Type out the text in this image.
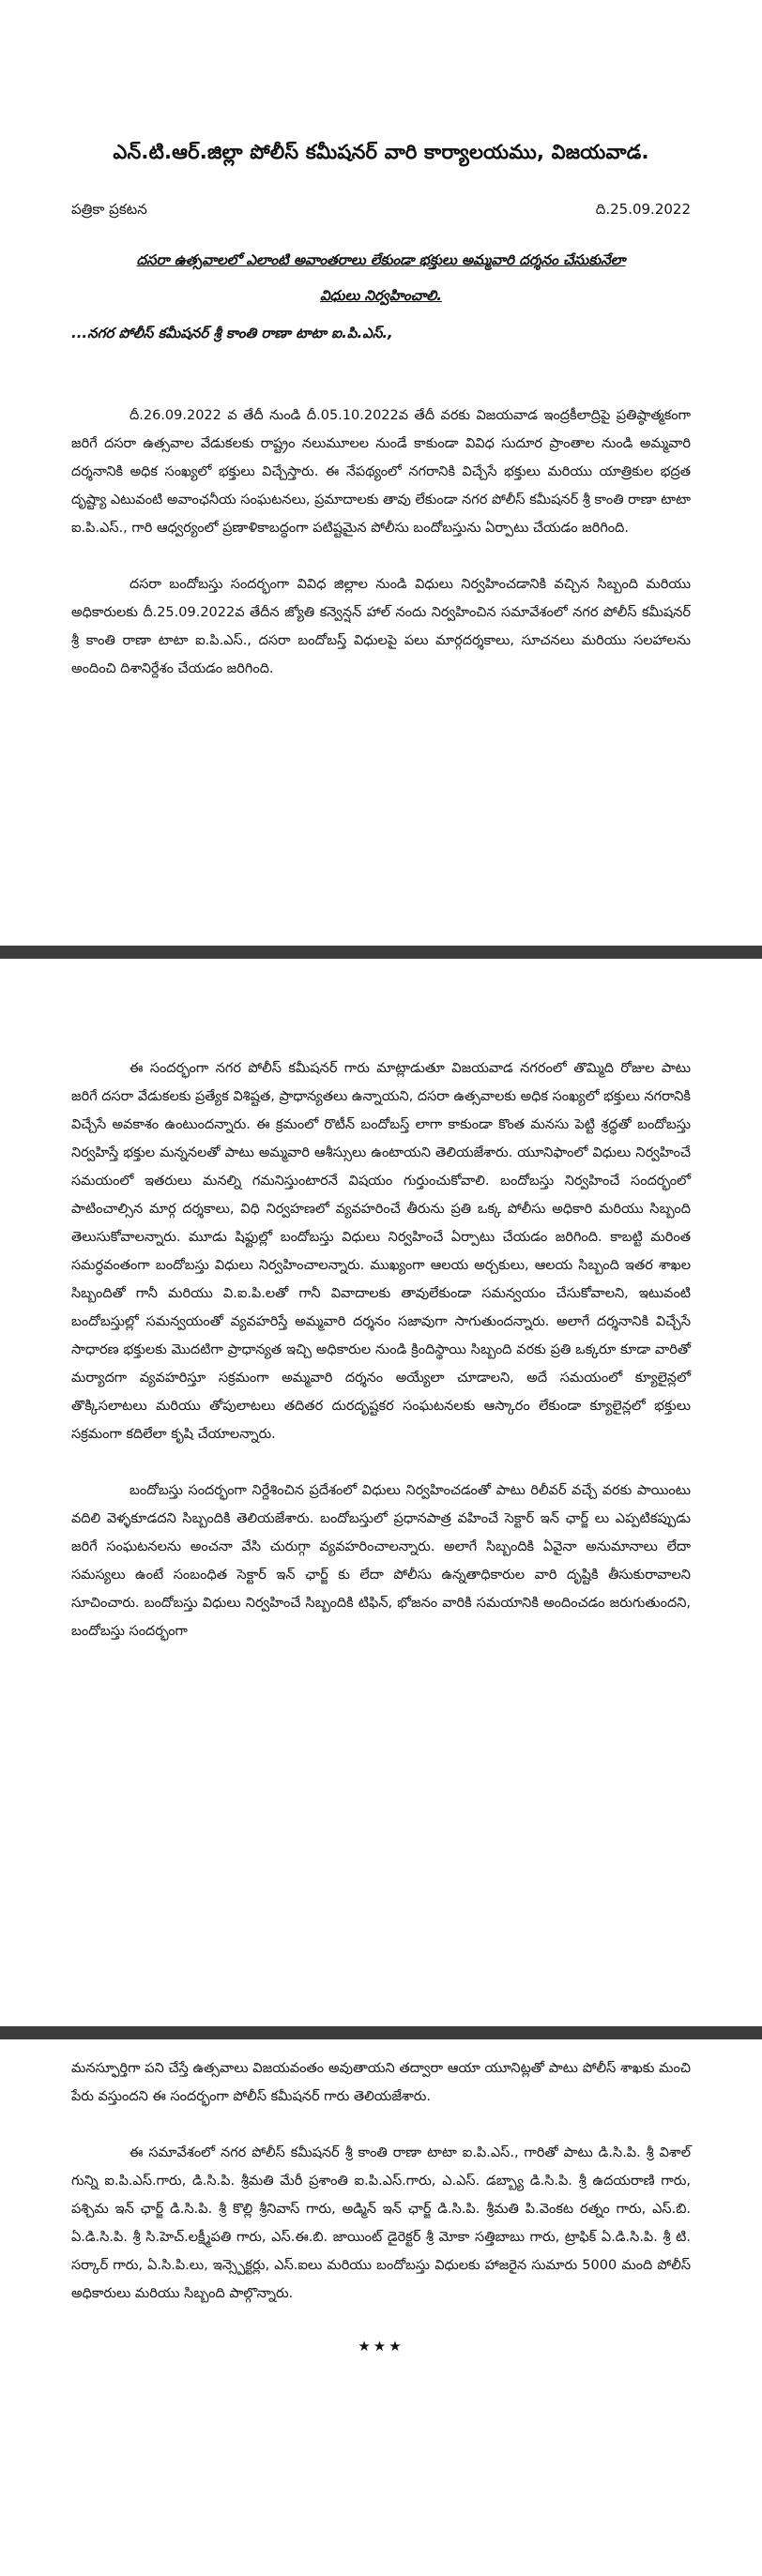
ఎన్.టి.ఆర్.జిల్లా పోలీస్ కమీషనర్ వారి కార్యాలయము, విజయవాడ.
పత్రికా ప్రకటన	ది.25.09.2022
దసరా ఉత్సవాలలో ఎలాంటి అవాంతరాలు లేకుండా భక్తులు అమ్మవారి దర్శనం చేసుకునేలా
విధులు నిర్వహించాలి.
...నగర పోలీస్ కమీషనర్ శ్రీ కాంతి రాణా టాటా ఐ.పి.ఎస్.,

దీ.26.09.2022 వ తేదీ నుండి దీ.05.10.2022వ తేదీ వరకు విజయవాడ ఇంద్రకీలాద్రిపై ప్రతిష్ఠాత్మకంగా జరిగే దసరా ఉత్సవాల వేడుకలకు రాష్ట్రం నలుమూలల నుండే కాకుండా వివిధ సుదూర ప్రాంతాల నుండి అమ్మవారి దర్శనానికి అధిక సంఖ్యలో భక్తులు విచ్చేస్తారు. ఈ నేపథ్యంలో నగరానికి విచ్చేసే భక్తులు మరియు యాత్రికుల భద్రత దృష్ట్యా ఎటువంటి అవాంఛనీయ సంఘటనలు, ప్రమాదాలకు తావు లేకుండా నగర పోలీస్ కమీషనర్ శ్రీ కాంతి రాణా టాటా ఐ.పి.ఎస్., గారి ఆధ్వర్యంలో ప్రణాళికాబద్ధంగా పటిష్టమైన పోలీసు బందోబస్తును ఏర్పాటు చేయడం జరిగింది.

దసరా బందోబస్తు సందర్భంగా వివిధ జిల్లాల నుండి విధులు నిర్వహించడానికి వచ్చిన సిబ్బంది మరియు అధికారులకు దీ.25.09.2022వ తేదీన జ్యోతి కన్వెన్షన్ హాల్ నందు నిర్వహించిన సమావేశంలో నగర పోలీస్ కమీషనర్ శ్రీ కాంతి రాణా టాటా ఐ.పి.ఎస్., దసరా బందోబస్త్ విధులపై పలు మార్గదర్శకాలు, సూచనలు మరియు సలహాలను అందించి దిశానిర్దేశం చేయడం జరిగింది.

ఈ సందర్భంగా నగర పోలీస్ కమీషనర్ గారు మాట్లాడుతూ విజయవాడ నగరంలో తొమ్మిది రోజుల పాటు జరిగే దసరా వేడుకలకు ప్రత్యేక విశిష్టత, ప్రాధాన్యతలు ఉన్నాయని, దసరా ఉత్సవాలకు అధిక సంఖ్యలో భక్తులు నగరానికి విచ్చేసే అవకాశం ఉంటుందన్నారు. ఈ క్రమంలో రొటీన్ బందోబస్త్ లాగా కాకుండా కొంత మనసు పెట్టి శ్రద్ధతో బందోబస్తు నిర్వహిస్తే భక్తుల మన్ననలతో పాటు అమ్మవారి ఆశీస్సులు ఉంటాయని తెలియజేశారు. యూనిఫాంలో విధులు నిర్వహించే సమయంలో ఇతరులు మనల్ని గమనిస్తుంటారనే విషయం గుర్తుంచుకోవాలి. బందోబస్తు నిర్వహించే సందర్భంలో పాటించాల్సిన మార్గ దర్శకాలు, విధి నిర్వహణలో వ్యవహరించే తీరును ప్రతి ఒక్క పోలీసు అధికారి మరియు సిబ్బంది తెలుసుకోవాలన్నారు. మూడు షిఫ్టుల్లో బందోబస్తు విధులు నిర్వహించే ఏర్పాటు చేయడం జరిగింది. కాబట్టి మరింత సమర్ధవంతంగా బందోబస్తు విధులు నిర్వహించాలన్నారు. ముఖ్యంగా ఆలయ అర్చకులు, ఆలయ సిబ్బంది ఇతర శాఖల సిబ్బందితో గానీ మరియు వి.ఐ.పి.లతో గానీ వివాదాలకు తావులేకుండా సమన్వయం చేసుకోవాలని, ఇటువంటి బందోబస్తుల్లో సమన్వయంతో వ్యవహరిస్తే అమ్మవారి దర్శనం సజావుగా సాగుతుందన్నారు. అలాగే దర్శనానికి విచ్చేసే సాధారణ భక్తులకు మొదటిగా ప్రాధాన్యత ఇచ్చి అధికారుల నుండి క్రిందిస్థాయి సిబ్బంది వరకు ప్రతి ఒక్కరూ కూడా వారితో మర్యాదగా వ్యవహరిస్తూ సక్రమంగా అమ్మవారి దర్శనం అయ్యేలా చూడాలని, అదే సమయంలో క్యూలైన్లలో తొక్కిసలాటలు మరియు తోపులాటలు తదితర దురదృష్టకర సంఘటనలకు ఆస్కారం లేకుండా క్యూలైన్లలో భక్తులు సక్రమంగా కదిలేలా కృషి చేయాలన్నారు.

బందోబస్తు సందర్భంగా నిర్దేశించిన ప్రదేశంలో విధులు నిర్వహించడంతో పాటు రిలీవర్ వచ్చే వరకు పాయింటు వదిలి వెళ్ళకూడదని సిబ్బందికి తెలియజేశారు. బందోబస్తులో ప్రధానపాత్ర వహించే సెక్టార్ ఇన్ ఛార్జ్ లు ఎప్పటికప్పుడు జరిగే సంఘటనలను అంచనా వేసి చురుగ్గా వ్యవహరించాలన్నారు. అలాగే సిబ్బందికి ఏవైనా అనుమానాలు లేదా సమస్యలు ఉంటే సంబంధిత సెక్టార్ ఇన్ ఛార్జ్ కు లేదా పోలీసు ఉన్నతాధికారుల వారి దృష్టికి తీసుకురావాలని సూచించారు. బందోబస్తు విధులు నిర్వహించే సిబ్బందికి టిఫిన్, భోజనం వారికి సమయానికి అందించడం జరుగుతుందని, బందోబస్తు సందర్భంగా

మనస్ఫూర్తిగా పని చేస్తే ఉత్సవాలు విజయవంతం అవుతాయని తద్వారా ఆయా యూనిట్లతో పాటు పోలీస్ శాఖకు మంచి పేరు వస్తుందని ఈ సందర్భంగా పోలీస్ కమీషనర్ గారు తెలియజేశారు.

ఈ సమావేశంలో నగర పోలీస్ కమీషనర్ శ్రీ కాంతి రాణా టాటా ఐ.పి.ఎస్., గారితో పాటు డి.సి.పి. శ్రీ విశాల్ గున్ని ఐ.పి.ఎస్.గారు, డి.సి.పి. శ్రీమతి మేరీ ప్రశాంతి ఐ.పి.ఎస్.గారు, ఎ.ఎస్. డబ్బ్యా డి.సి.పి. శ్రీ ఉదయరాణి గారు, పశ్చిమ ఇన్ ఛార్జ్ డి.సి.పి. శ్రీ కొల్లి శ్రీనివాస్ గారు, అడ్మిన్ ఇన్ ఛార్జ్ డి.సి.పి. శ్రీమతి పి.వెంకట రత్నం గారు, ఎస్.బి. ఏ.డి.సి.పి. శ్రీ సి.హెచ్.లక్ష్మీపతి గారు, ఎస్.ఈ.బి. జాయింట్ డైరెక్టర్ శ్రీ మోకా సత్తిబాబు గారు, ట్రాఫిక్ ఏ.డి.సి.పి. శ్రీ టి. సర్కార్ గారు, ఏ.సి.పి.లు, ఇన్స్పెక్టర్లు, ఎస్.ఐలు మరియు బందోబస్తు విధులకు హాజరైన సుమారు 5000 మంది పోలీస్ అధికారులు మరియు సిబ్బంది పాల్గొన్నారు.

★★★
